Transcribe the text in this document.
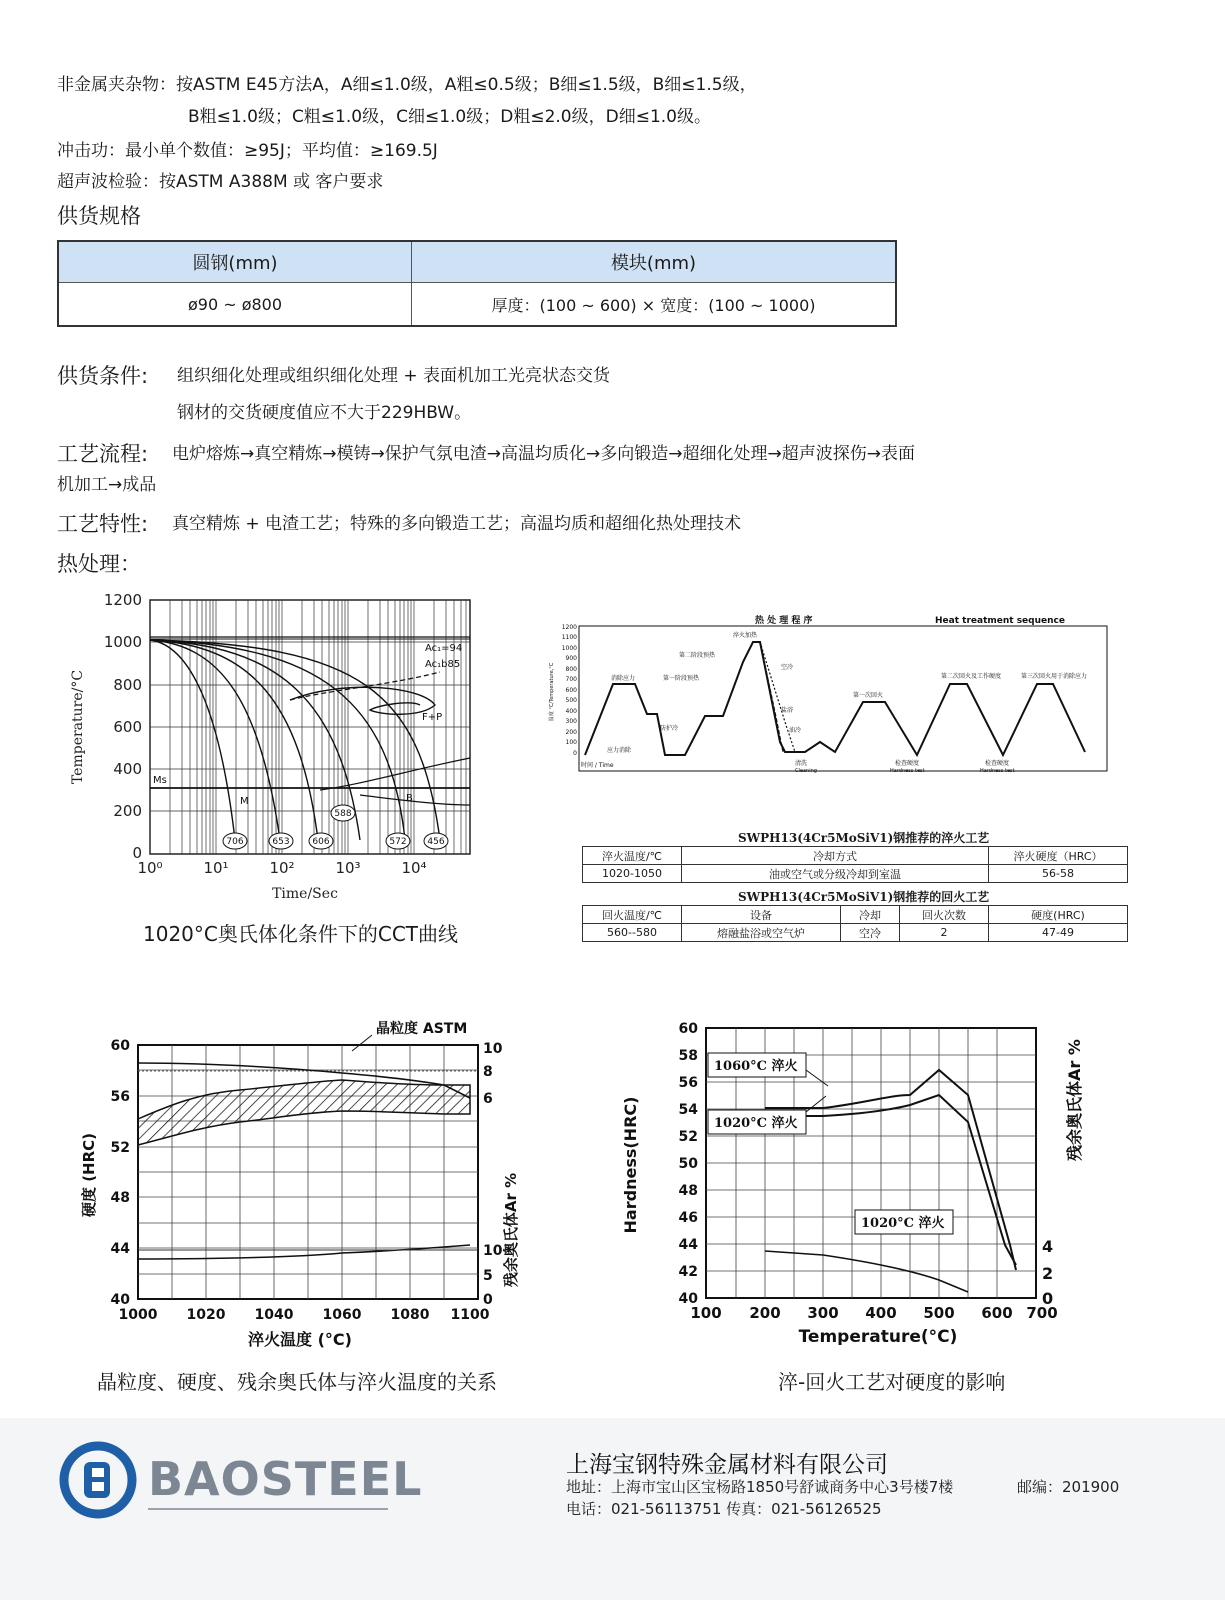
非金属夹杂物：按ASTM E45方法A，A细≤1.0级，A粗≤0.5级；B细≤1.5级，B细≤1.5级，
B粗≤1.0级；C粗≤1.0级，C细≤1.0级；D粗≤2.0级，D细≤1.0级。
冲击功：最小单个数值：≥95J；平均值：≥169.5J
超声波检验：按ASTM A388M 或 客户要求
供货规格
圆钢(mm)	模块(mm)
ø90 ~ ø800	厚度：(100 ~ 600) × 宽度：(100 ~ 1000)
供货条件: 组织细化处理或组织细化处理 + 表面机加工光亮状态交货
钢材的交货硬度值应不大于229HBW。
工艺流程: 电炉熔炼→真空精炼→模铸→保护气氛电渣→高温均质化→多向锻造→超细化处理→超声波探伤→表面
机加工→成品
工艺特性: 真空精炼 + 电渣工艺；特殊的多向锻造工艺；高温均质和超细化热处理技术
热处理：
1200
1000
800
600
400
200
0
10⁰	10¹	10²	10³	10⁴
Time/Sec
Temperature/°C
Ac₁=94
Ac₁b85
F+P
Ms
M	B
706	653	606
588
572 456
1020°C奥氏体化条件下的CCT曲线
热 处 理 程 序	Heat treatment sequence
1200
1100
1000
900
800
700
600
500
400
300
200
100
0
温度 °C/Temperature,°C	消除应力	第一阶段预热
第二阶段预热
淬火加热
空冷
盐浴
油冷
防护冷
应力消除
第一次回火
第二次回火及工作硬度	第三次回火用于消除应力
时间 / Time	清洗
Cleaning
检查硬度
Hardness test
检查硬度
Hardness test
SWPH13(4Cr5MoSiV1)钢推荐的淬火工艺
淬火温度/℃	冷却方式	淬火硬度（HRC）
1020-1050	油或空气或分级冷却到室温	56-58
SWPH13(4Cr5MoSiV1)钢推荐的回火工艺
回火温度/℃	设备	冷却	回火次数	硬度(HRC)
560--580	熔融盐浴或空气炉	空冷	2	47-49
晶粒度 ASTM
60
56
52
48
44
40
10
8
6
10
5
0
1000 1020 1040 1060 1080 1100
淬火温度 (°C)
硬度 (HRC)	残余奥氏体Ar %
晶粒度、硬度、残余奥氏体与淬火温度的关系
60
58
56
54
52
50
48
46
44
42
40
4
2
0
100 200 300 400 500 600 700
Temperature(°C)
Hardness(HRC)	残余奥氏体Ar %
1060°C 淬火
1020°C 淬火
1020°C 淬火
淬-回火工艺对硬度的影响
BAOSTEEL	上海宝钢特殊金属材料有限公司
地址：上海市宝山区宝杨路1850号舒诚商务中心3号楼7楼	邮编：201900
电话：021-56113751 传真：021-56126525
